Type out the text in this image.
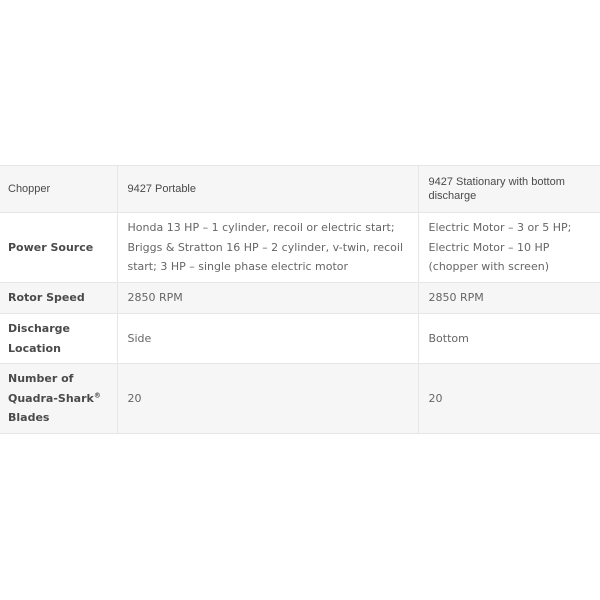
Chopper	9427 Portable	9427 Stationary with bottom discharge

Power Source	Honda 13 HP – 1 cylinder, recoil or electric start; Briggs & Stratton 16 HP – 2 cylinder, v-twin, recoil start; 3 HP – single phase electric motor	Electric Motor – 3 or 5 HP; Electric Motor – 10 HP (chopper with screen)

Rotor Speed	2850 RPM	2850 RPM

Discharge Location	Side	Bottom

Number of Quadra-Shark® Blades	20	20
